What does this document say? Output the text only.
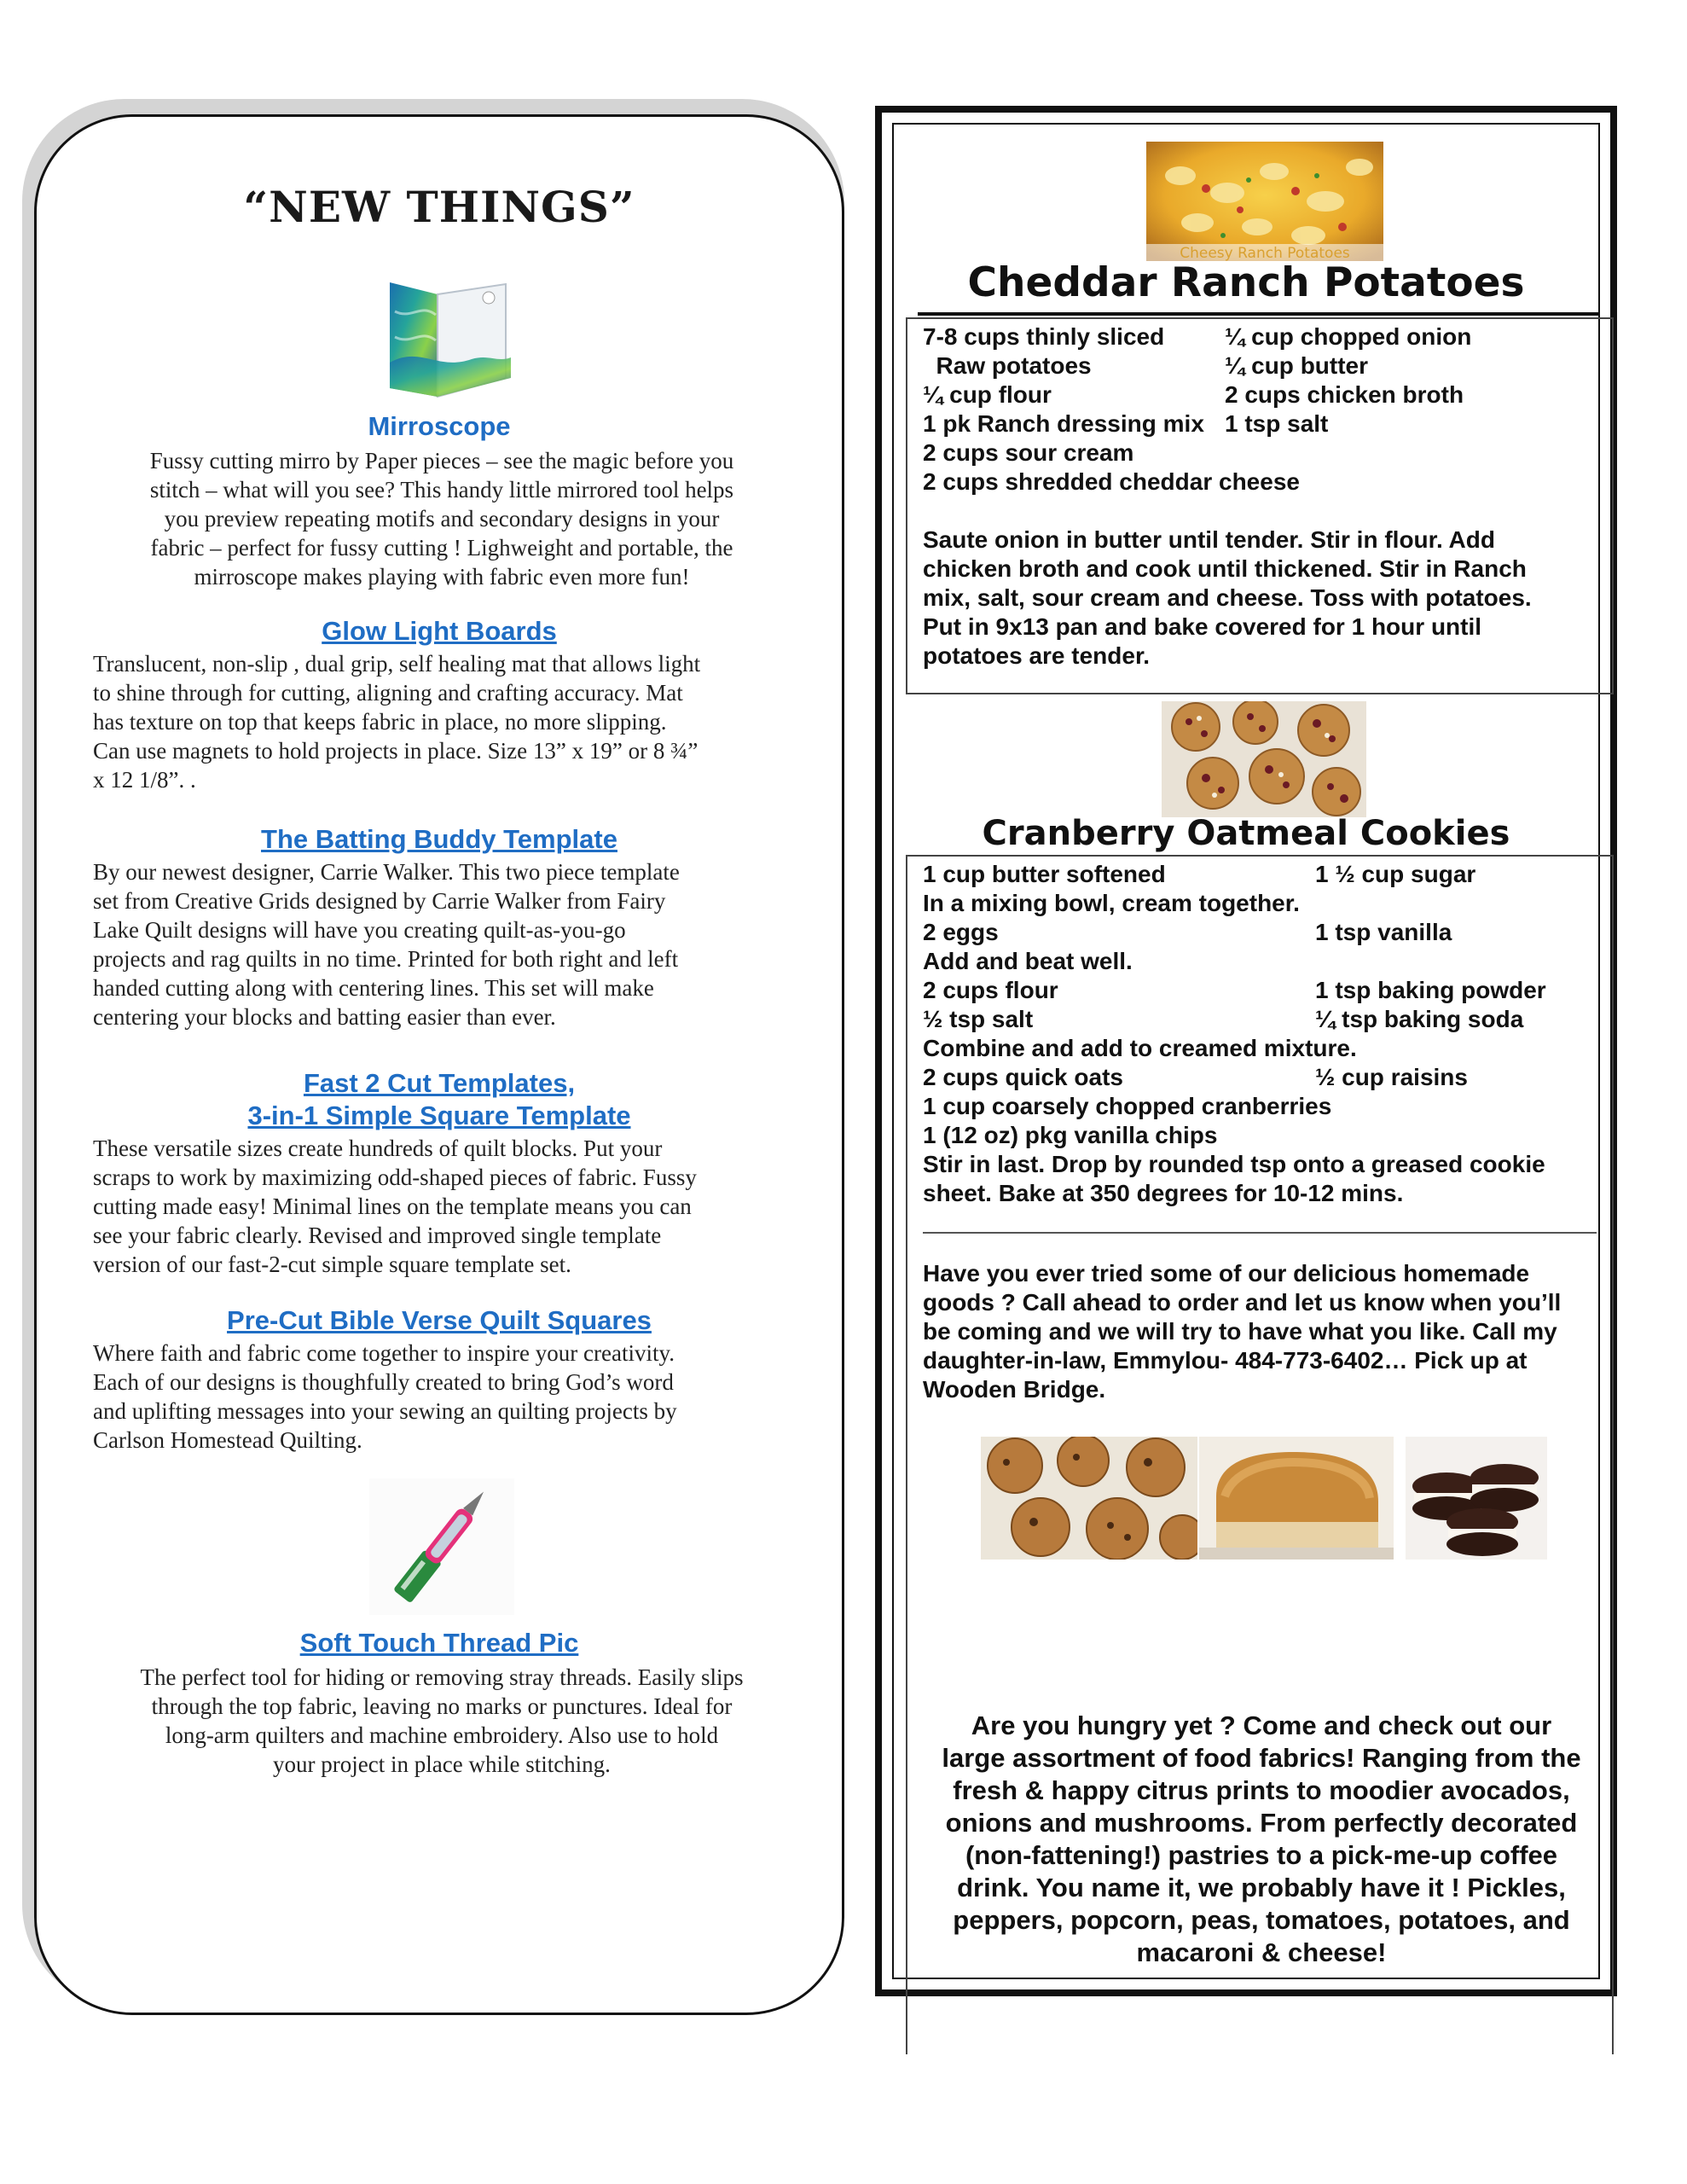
“NEW THINGS”
Mirroscope
Fussy cutting mirro by Paper pieces – see the magic before you
stitch – what will you see? This handy little mirrored tool helps
you preview repeating motifs and secondary designs in your
fabric – perfect for fussy cutting ! Lighweight and portable, the
mirroscope makes playing with fabric even more fun!
Glow Light Boards
Translucent, non-slip , dual grip, self healing mat that allows light
to shine through for cutting, aligning and crafting accuracy. Mat
has texture on top that keeps fabric in place, no more slipping.
Can use magnets to hold projects in place. Size 13” x 19” or 8 ¾”
x 12 1/8”. .
The Batting Buddy Template
By our newest designer, Carrie Walker. This two piece template
set from Creative Grids designed by Carrie Walker from Fairy
Lake Quilt designs will have you creating quilt-as-you-go
projects and rag quilts in no time. Printed for both right and left
handed cutting along with centering lines. This set will make
centering your blocks and batting easier than ever.
Fast 2 Cut Templates,
3-in-1 Simple Square Template
These versatile sizes create hundreds of quilt blocks. Put your
scraps to work by maximizing odd-shaped pieces of fabric. Fussy
cutting made easy! Minimal lines on the template means you can
see your fabric clearly. Revised and improved single template
version of our fast-2-cut simple square template set.
Pre-Cut Bible Verse Quilt Squares
Where faith and fabric come together to inspire your creativity.
Each of our designs is thoughfully created to bring God’s word
and uplifting messages into your sewing an quilting projects by
Carlson Homestead Quilting.
Soft Touch Thread Pic
The perfect tool for hiding or removing stray threads. Easily slips
through the top fabric, leaving no marks or punctures. Ideal for
long-arm quilters and machine embroidery. Also use to hold
your project in place while stitching.
Cheesy Ranch Potatoes
Cheddar Ranch Potatoes
7-8 cups thinly sliced	¼ cup chopped onion
Raw potatoes	¼ cup butter
¼ cup flour	2 cups chicken broth
1 pk Ranch dressing mix 1 tsp salt
2 cups sour cream
2 cups shredded cheddar cheese
Saute onion in butter until tender. Stir in flour. Add
chicken broth and cook until thickened. Stir in Ranch
mix, salt, sour cream and cheese. Toss with potatoes.
Put in 9x13 pan and bake covered for 1 hour until
potatoes are tender.
Cranberry Oatmeal Cookies
1 cup butter softened	1 ½ cup sugar
In a mixing bowl, cream together.
2 eggs	1 tsp vanilla
Add and beat well.
2 cups flour	1 tsp baking powder
½ tsp salt	¼ tsp baking soda
Combine and add to creamed mixture.
2 cups quick oats	½ cup raisins
1 cup coarsely chopped cranberries
1 (12 oz) pkg vanilla chips
Stir in last. Drop by rounded tsp onto a greased cookie
sheet. Bake at 350 degrees for 10-12 mins.
Have you ever tried some of our delicious homemade
goods ? Call ahead to order and let us know when you’ll
be coming and we will try to have what you like. Call my
daughter-in-law, Emmylou- 484-773-6402… Pick up at
Wooden Bridge.
Are you hungry yet ? Come and check out our
large assortment of food fabrics! Ranging from the
fresh & happy citrus prints to moodier avocados,
onions and mushrooms. From perfectly decorated
(non-fattening!) pastries to a pick-me-up coffee
drink. You name it, we probably have it ! Pickles,
peppers, popcorn, peas, tomatoes, potatoes, and
macaroni & cheese!
